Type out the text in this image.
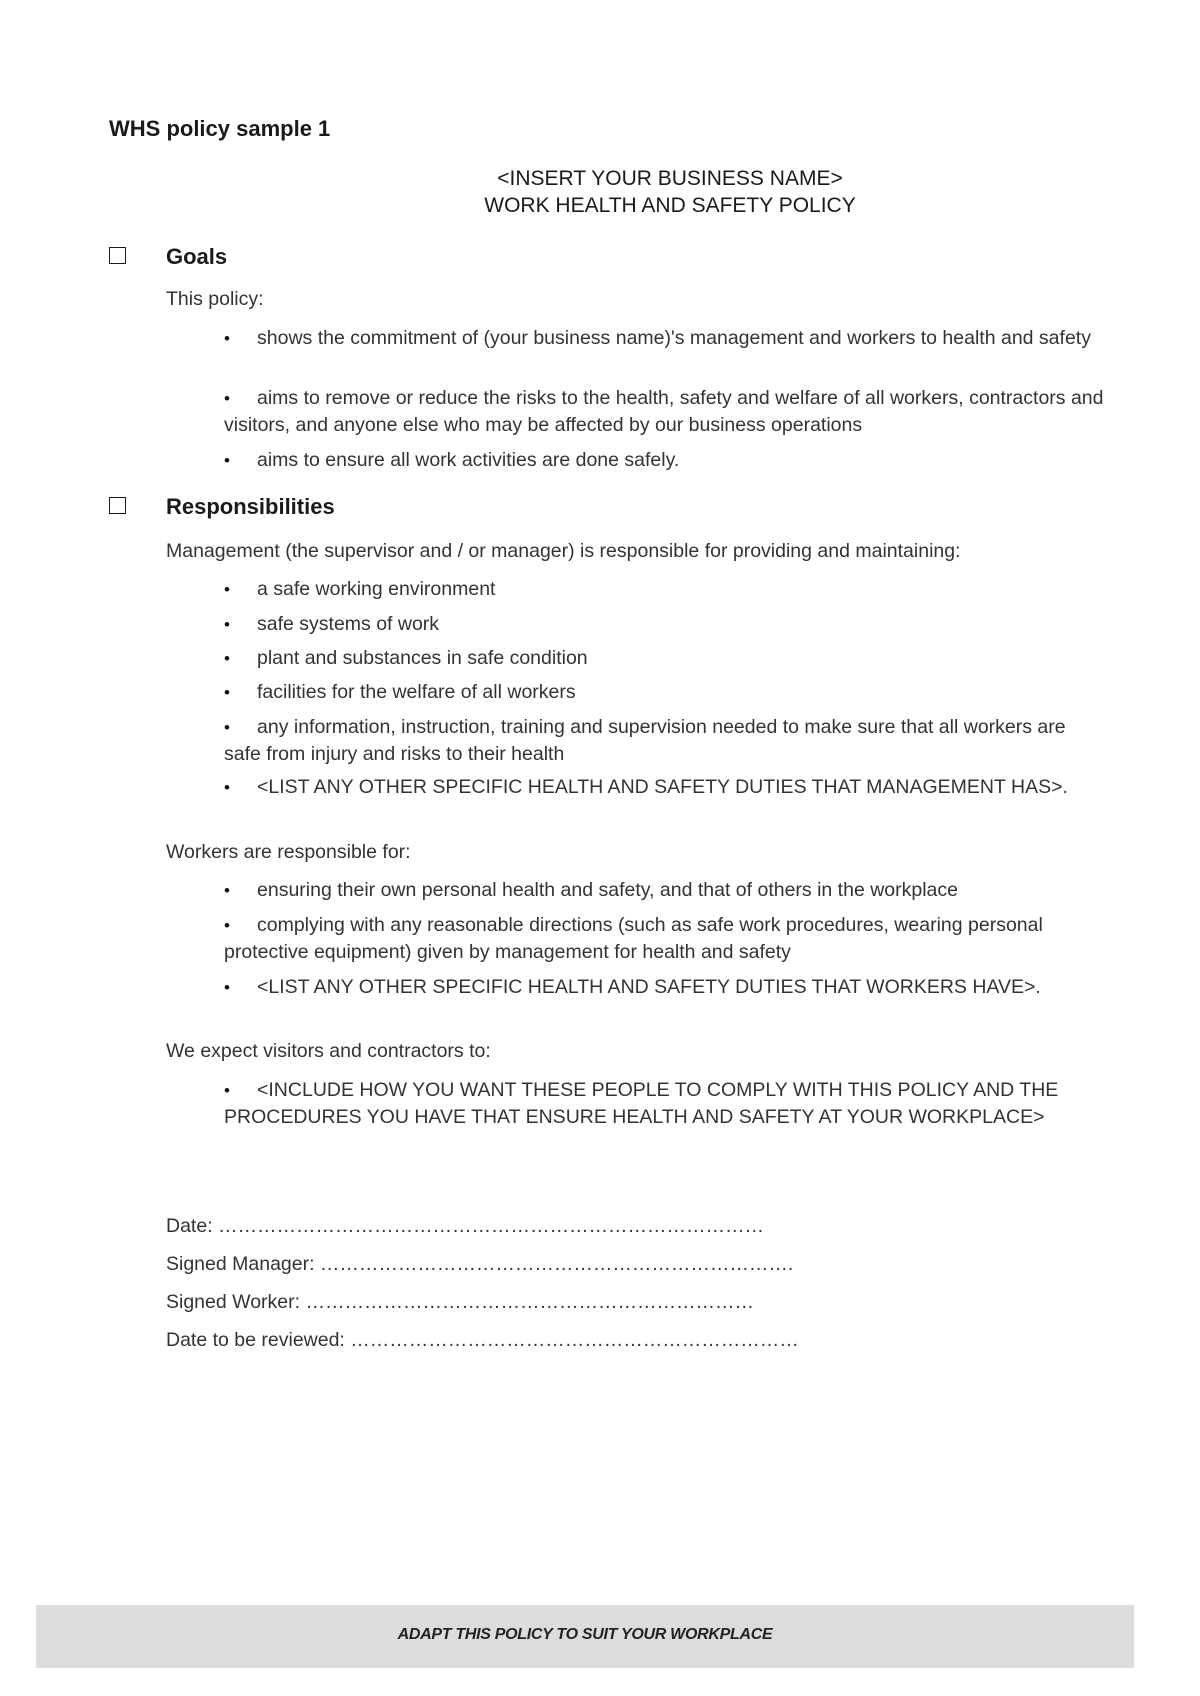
WHS policy sample 1
<INSERT YOUR BUSINESS NAME>
WORK HEALTH AND SAFETY POLICY
Goals
This policy:
• shows the commitment of (your business name)'s management and workers to health and safety
• aims to remove or reduce the risks to the health, safety and welfare of all workers, contractors and visitors, and anyone else who may be affected by our business operations
• aims to ensure all work activities are done safely.
Responsibilities
Management (the supervisor and / or manager) is responsible for providing and maintaining:
• a safe working environment
• safe systems of work
• plant and substances in safe condition
• facilities for the welfare of all workers
• any information, instruction, training and supervision needed to make sure that all workers are safe from injury and risks to their health
• <LIST ANY OTHER SPECIFIC HEALTH AND SAFETY DUTIES THAT MANAGEMENT HAS>.
Workers are responsible for:
• ensuring their own personal health and safety, and that of others in the workplace
• complying with any reasonable directions (such as safe work procedures, wearing personal protective equipment) given by management for health and safety
• <LIST ANY OTHER SPECIFIC HEALTH AND SAFETY DUTIES THAT WORKERS HAVE>.
We expect visitors and contractors to:
• <INCLUDE HOW YOU WANT THESE PEOPLE TO COMPLY WITH THIS POLICY AND THE PROCEDURES YOU HAVE THAT ENSURE HEALTH AND SAFETY AT YOUR WORKPLACE>
Date: …………………………………………………………………………
Signed Manager: ……………………………………………………………….
Signed Worker: ……………………………………………………………
Date to be reviewed: ……………………………………………………………
ADAPT THIS POLICY TO SUIT YOUR WORKPLACE
